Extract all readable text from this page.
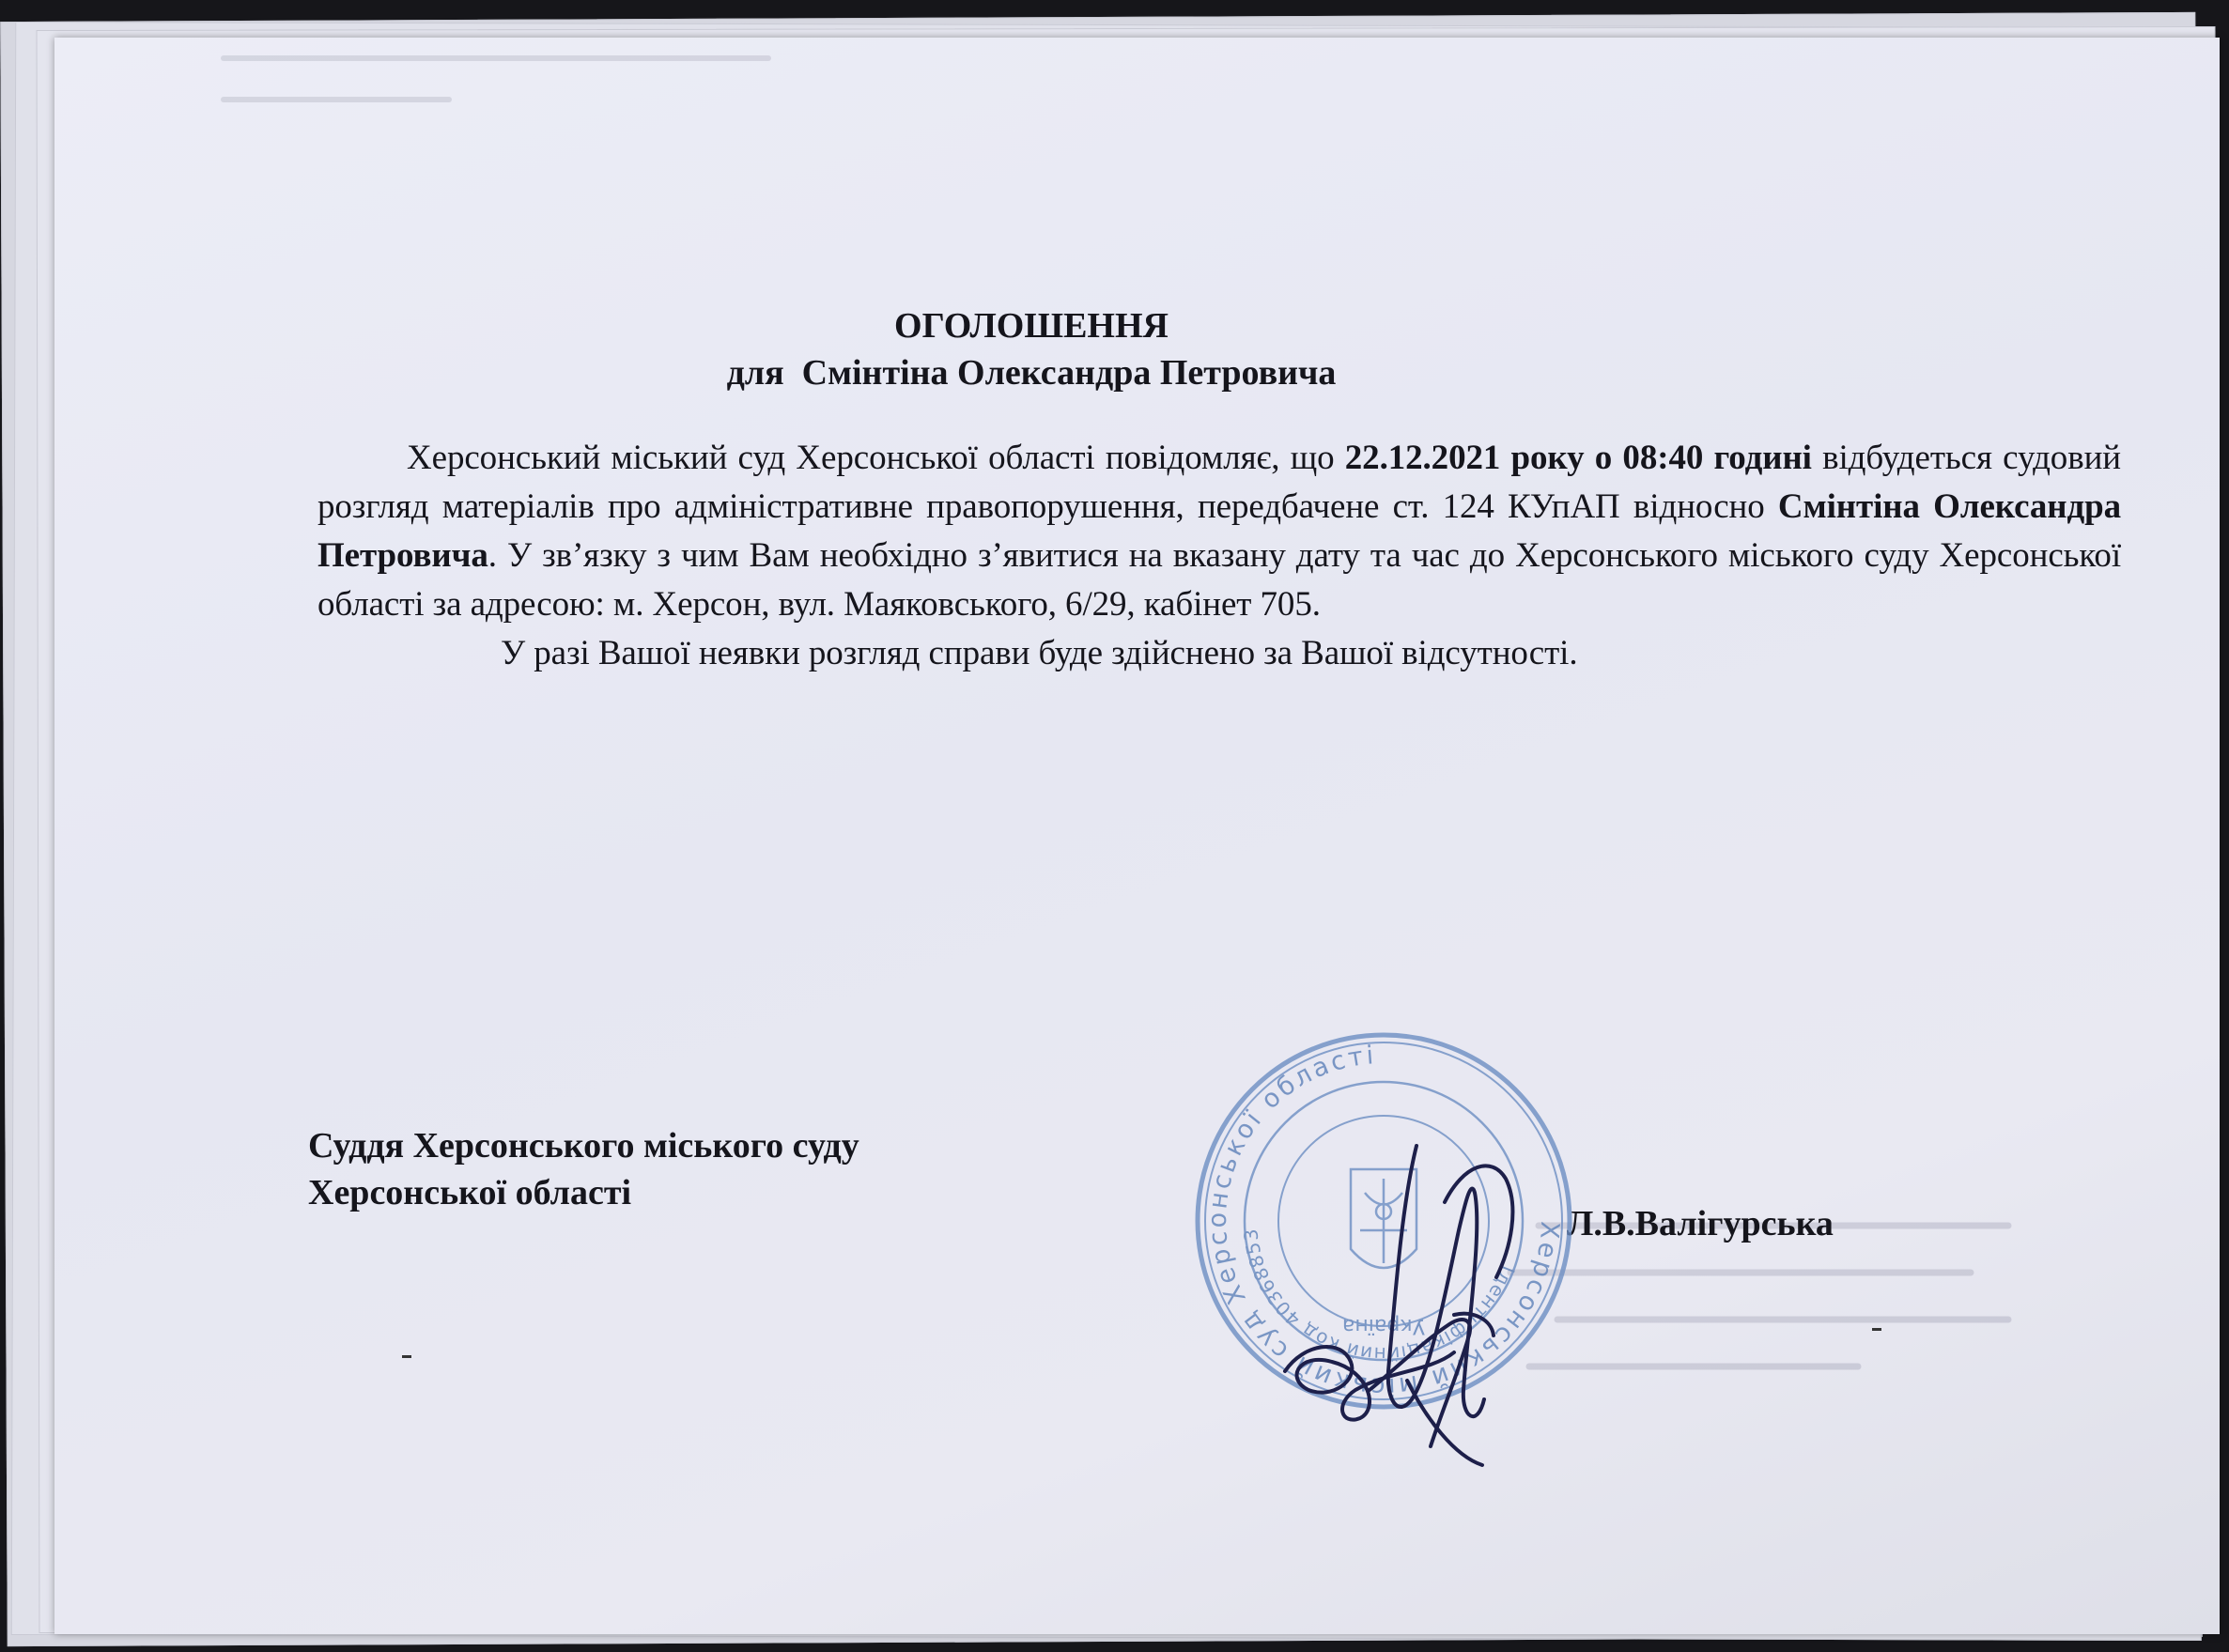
ОГОЛОШЕННЯ
для  Смінтіна Олександра Петровича

Херсонський міський суд Херсонської області повідомляє, що 22.12.2021 року о 08:40 годині відбудеться судовий розгляд матеріалів про адміністративне правопорушення, передбачене ст. 124 КУпАП відносно Смінтіна Олександра Петровича. У зв’язку з чим Вам необхідно з’явитися на вказану дату та час до Херсонського міського суду Херсонської області за адресою: м. Херсон, вул. Маяковського, 6/29, кабінет 705.

У разі Вашої неявки розгляд справи буде здійснено за Вашої відсутності.

Суддя Херсонського міського суду
Херсонської області
Л.В.Валігурська
Херсонський міський суд Херсонської області
Ідентифікаційний код 40368853
Україна
